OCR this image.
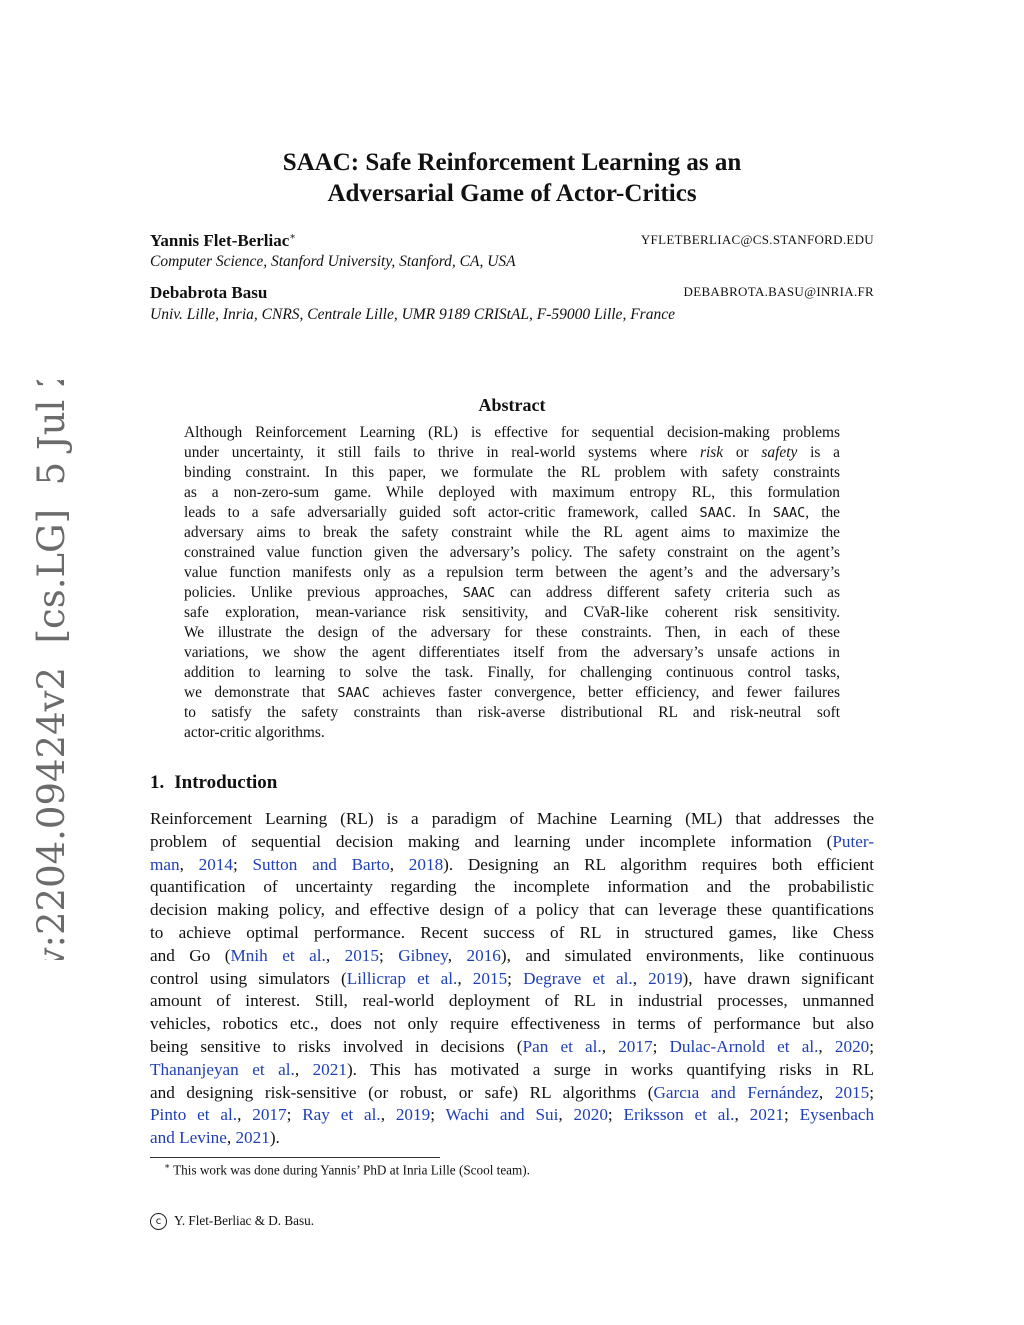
arXiv:2204.09424v2  [cs.LG]  5 Jul 2022
SAAC: Safe Reinforcement Learning as an
Adversarial Game of Actor-Critics
Yannis Flet-Berliac∗	YFLETBERLIAC@CS.STANFORD.EDU
Computer Science, Stanford University, Stanford, CA, USA
Debabrota Basu	DEBABROTA.BASU@INRIA.FR
Univ. Lille, Inria, CNRS, Centrale Lille, UMR 9189 CRIStAL, F-59000 Lille, France
Abstract
Although Reinforcement Learning (RL) is effective for sequential decision-making problems
under uncertainty, it still fails to thrive in real-world systems where risk or safety is a
binding constraint. In this paper, we formulate the RL problem with safety constraints
as a non-zero-sum game. While deployed with maximum entropy RL, this formulation
leads to a safe adversarially guided soft actor-critic framework, called SAAC. In SAAC, the
adversary aims to break the safety constraint while the RL agent aims to maximize the
constrained value function given the adversary’s policy. The safety constraint on the agent’s
value function manifests only as a repulsion term between the agent’s and the adversary’s
policies. Unlike previous approaches, SAAC can address different safety criteria such as
safe exploration, mean-variance risk sensitivity, and CVaR-like coherent risk sensitivity.
We illustrate the design of the adversary for these constraints. Then, in each of these
variations, we show the agent differentiates itself from the adversary’s unsafe actions in
addition to learning to solve the task. Finally, for challenging continuous control tasks,
we demonstrate that SAAC achieves faster convergence, better efficiency, and fewer failures
to satisfy the safety constraints than risk-averse distributional RL and risk-neutral soft
actor-critic algorithms.
1. Introduction
Reinforcement Learning (RL) is a paradigm of Machine Learning (ML) that addresses the
problem of sequential decision making and learning under incomplete information (Puter-
man, 2014; Sutton and Barto, 2018). Designing an RL algorithm requires both efficient
quantification of uncertainty regarding the incomplete information and the probabilistic
decision making policy, and effective design of a policy that can leverage these quantifications
to achieve optimal performance. Recent success of RL in structured games, like Chess
and Go (Mnih et al., 2015; Gibney, 2016), and simulated environments, like continuous
control using simulators (Lillicrap et al., 2015; Degrave et al., 2019), have drawn significant
amount of interest. Still, real-world deployment of RL in industrial processes, unmanned
vehicles, robotics etc., does not only require effectiveness in terms of performance but also
being sensitive to risks involved in decisions (Pan et al., 2017; Dulac-Arnold et al., 2020;
Thananjeyan et al., 2021). This has motivated a surge in works quantifying risks in RL
and designing risk-sensitive (or robust, or safe) RL algorithms (Garcıa and Fernández, 2015;
Pinto et al., 2017; Ray et al., 2019; Wachi and Sui, 2020; Eriksson et al., 2021; Eysenbach
and Levine, 2021).
∗ This work was done during Yannis’ PhD at Inria Lille (Scool team).
c Y. Flet-Berliac & D. Basu.
